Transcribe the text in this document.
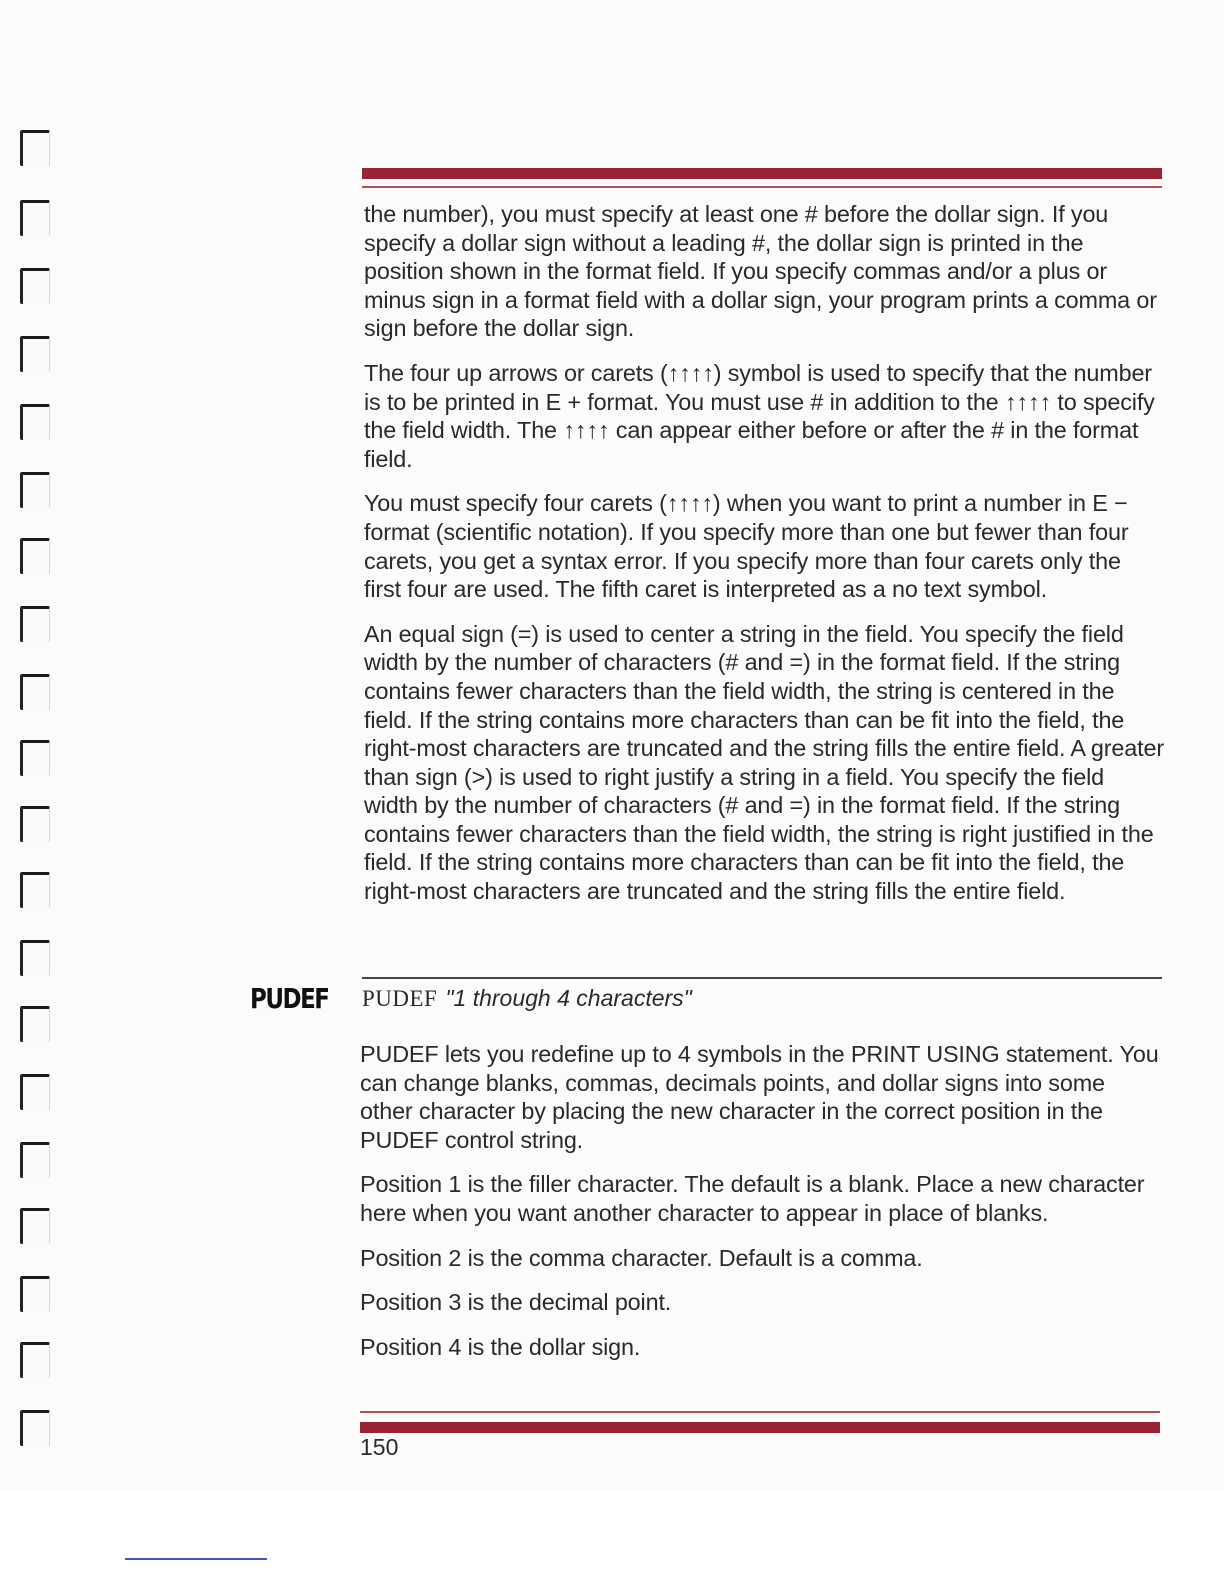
the number), you must specify at least one # before the dollar sign. If you specify a dollar sign without a leading #, the dollar sign is printed in the position shown in the format field. If you specify commas and/or a plus or minus sign in a format field with a dollar sign, your program prints a comma or sign before the dollar sign.

The four up arrows or carets (↑↑↑↑) symbol is used to specify that the number is to be printed in E + format. You must use # in addition to the ↑↑↑↑ to specify the field width. The ↑↑↑↑ can appear either before or after the # in the format field.

You must specify four carets (↑↑↑↑) when you want to print a number in E − format (scientific notation). If you specify more than one but fewer than four carets, you get a syntax error. If you specify more than four carets only the first four are used. The fifth caret is interpreted as a no text symbol.

An equal sign (=) is used to center a string in the field. You specify the field width by the number of characters (# and =) in the format field. If the string contains fewer characters than the field width, the string is centered in the field. If the string contains more characters than can be fit into the field, the right-most characters are truncated and the string fills the entire field. A greater than sign (>) is used to right justify a string in a field. You specify the field width by the number of characters (# and =) in the format field. If the string contains fewer characters than the field width, the string is right justified in the field. If the string contains more characters than can be fit into the field, the right-most characters are truncated and the string fills the entire field.

PUDEF PUDEF "1 through 4 characters"

PUDEF lets you redefine up to 4 symbols in the PRINT USING statement. You can change blanks, commas, decimals points, and dollar signs into some other character by placing the new character in the correct position in the PUDEF control string.

Position 1 is the filler character. The default is a blank. Place a new character here when you want another character to appear in place of blanks.

Position 2 is the comma character. Default is a comma.

Position 3 is the decimal point.

Position 4 is the dollar sign.

150
